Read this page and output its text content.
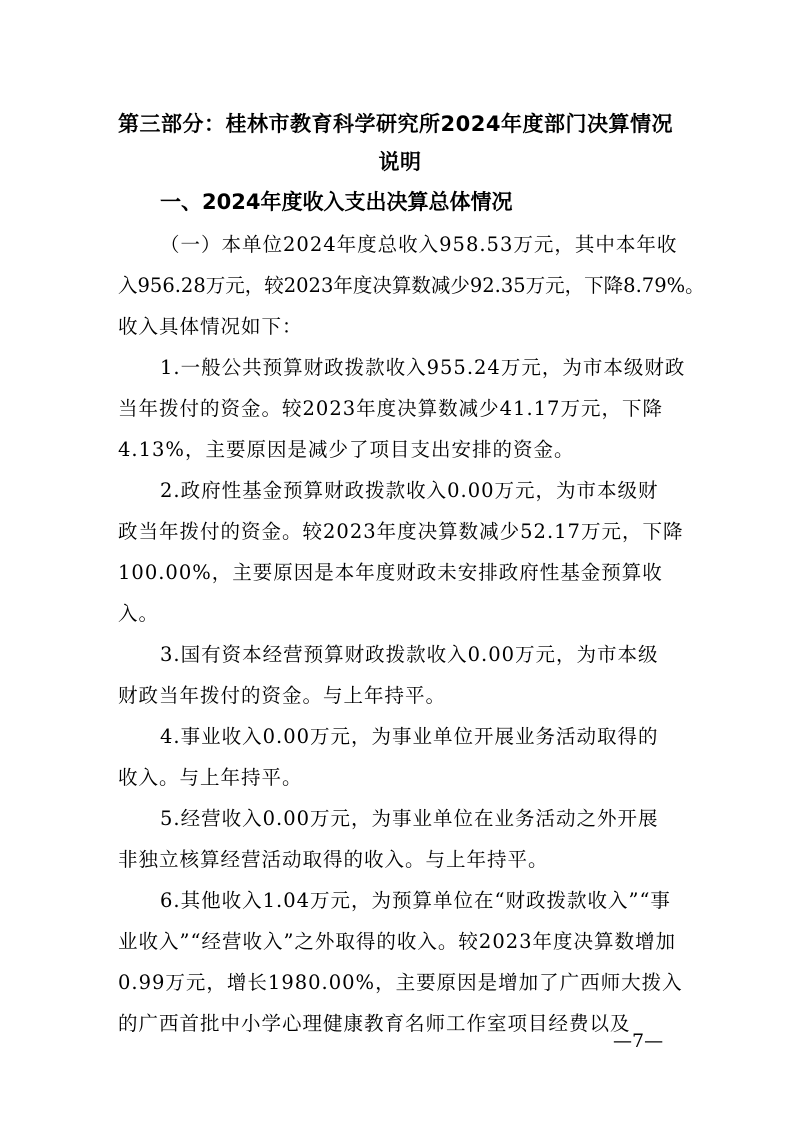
第三部分：桂林市教育科学研究所2024年度部门决算情况
说明
一、2024年度收入支出决算总体情况
（一）本单位2024年度总收入958.53万元，其中本年收
入956.28万元，较2023年度决算数减少92.35万元，下降8.79%。
收入具体情况如下：
1.一般公共预算财政拨款收入955.24万元，为市本级财政
当年拨付的资金。较2023年度决算数减少41.17万元，下降
4.13%，主要原因是减少了项目支出安排的资金。
2.政府性基金预算财政拨款收入0.00万元，为市本级财
政当年拨付的资金。较2023年度决算数减少52.17万元，下降
100.00%，主要原因是本年度财政未安排政府性基金预算收
入。
3.国有资本经营预算财政拨款收入0.00万元，为市本级
财政当年拨付的资金。与上年持平。
4.事业收入0.00万元，为事业单位开展业务活动取得的
收入。与上年持平。
5.经营收入0.00万元，为事业单位在业务活动之外开展
非独立核算经营活动取得的收入。与上年持平。
6.其他收入1.04万元，为预算单位在“财政拨款收入”“事
业收入”“经营收入”之外取得的收入。较2023年度决算数增加
0.99万元，增长1980.00%，主要原因是增加了广西师大拨入
的广西首批中小学心理健康教育名师工作室项目经费以及
—7—
